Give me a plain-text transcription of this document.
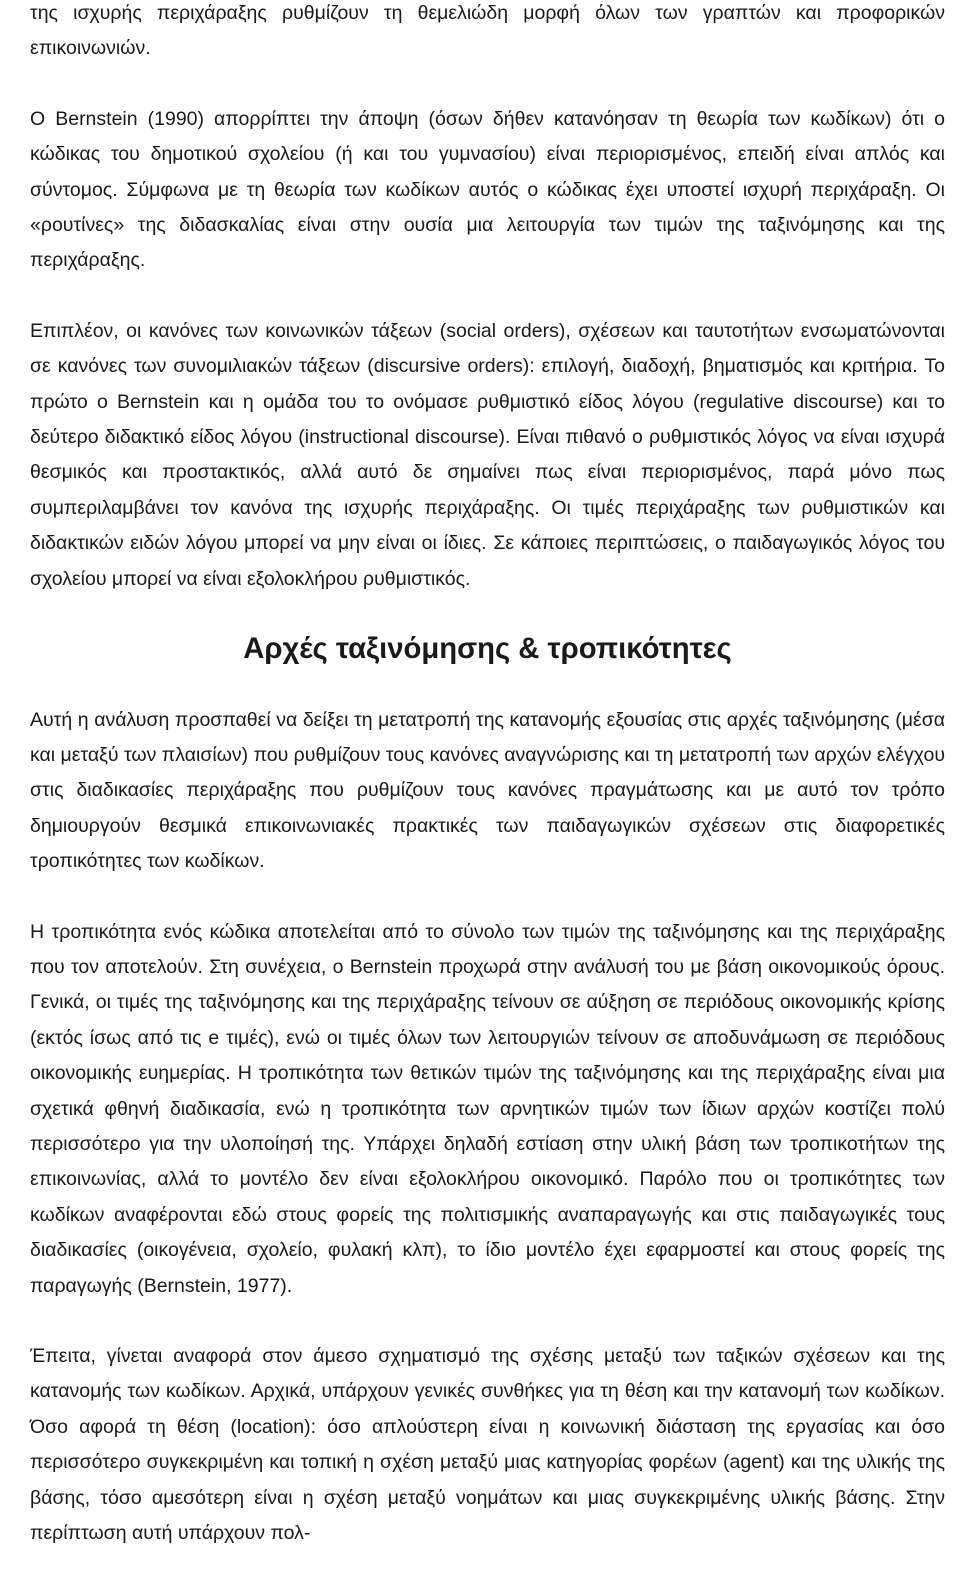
της ισχυρής περιχάραξης ρυθμίζουν τη θεμελιώδη μορφή όλων των γραπτών και προφορικών επικοινωνιών.

Ο Bernstein (1990) απορρίπτει την άποψη (όσων δήθεν κατανόησαν τη θεωρία των κωδίκων) ότι ο κώδικας του δημοτικού σχολείου (ή και του γυμνασίου) είναι περιορισμένος, επειδή είναι απλός και σύντομος. Σύμφωνα με τη θεωρία των κωδίκων αυτός ο κώδικας έχει υποστεί ισχυρή περιχάραξη. Οι «ρουτίνες» της διδασκαλίας είναι στην ουσία μια λειτουργία των τιμών της ταξινόμησης και της περιχάραξης.

Επιπλέον, οι κανόνες των κοινωνικών τάξεων (social orders), σχέσεων και ταυτοτήτων ενσωματώνονται σε κανόνες των συνομιλιακών τάξεων (discursive orders): επιλογή, διαδοχή, βηματισμός και κριτήρια. Το πρώτο ο Bernstein και η ομάδα του το ονόμασε ρυθμιστικό είδος λόγου (regulative discourse) και το δεύτερο διδακτικό είδος λόγου (instructional discourse). Είναι πιθανό ο ρυθμιστικός λόγος να είναι ισχυρά θεσμικός και προστακτικός, αλλά αυτό δε σημαίνει πως είναι περιορισμένος, παρά μόνο πως συμπεριλαμβάνει τον κανόνα της ισχυρής περιχάραξης. Οι τιμές περιχάραξης των ρυθμιστικών και διδακτικών ειδών λόγου μπορεί να μην είναι οι ίδιες. Σε κάποιες περιπτώσεις, ο παιδαγωγικός λόγος του σχολείου μπορεί να είναι εξολοκλήρου ρυθμιστικός.

Αρχές ταξινόμησης & τροπικότητες

Αυτή η ανάλυση προσπαθεί να δείξει τη μετατροπή της κατανομής εξουσίας στις αρχές ταξινόμησης (μέσα και μεταξύ των πλαισίων) που ρυθμίζουν τους κανόνες αναγνώρισης και τη μετατροπή των αρχών ελέγχου στις διαδικασίες περιχάραξης που ρυθμίζουν τους κανόνες πραγμάτωσης και με αυτό τον τρόπο δημιουργούν θεσμικά επικοινωνιακές πρακτικές των παιδαγωγικών σχέσεων στις διαφορετικές τροπικότητες των κωδίκων.

Η τροπικότητα ενός κώδικα αποτελείται από το σύνολο των τιμών της ταξινόμησης και της περιχάραξης που τον αποτελούν. Στη συνέχεια, ο Bernstein προχωρά στην ανάλυσή του με βάση οικονομικούς όρους. Γενικά, οι τιμές της ταξινόμησης και της περιχάραξης τείνουν σε αύξηση σε περιόδους οικονομικής κρίσης (εκτός ίσως από τις e τιμές), ενώ οι τιμές όλων των λειτουργιών τείνουν σε αποδυνάμωση σε περιόδους οικονομικής ευημερίας. Η τροπικότητα των θετικών τιμών της ταξινόμησης και της περιχάραξης είναι μια σχετικά φθηνή διαδικασία, ενώ η τροπικότητα των αρνητικών τιμών των ίδιων αρχών κοστίζει πολύ περισσότερο για την υλοποίησή της. Υπάρχει δηλαδή εστίαση στην υλική βάση των τροπικοτήτων της επικοινωνίας, αλλά το μοντέλο δεν είναι εξολοκλήρου οικονομικό. Παρόλο που οι τροπικότητες των κωδίκων αναφέρονται εδώ στους φορείς της πολιτισμικής αναπαραγωγής και στις παιδαγωγικές τους διαδικασίες (οικογένεια, σχολείο, φυλακή κλπ), το ίδιο μοντέλο έχει εφαρμοστεί και στους φορείς της παραγωγής (Bernstein, 1977).

Έπειτα, γίνεται αναφορά στον άμεσο σχηματισμό της σχέσης μεταξύ των ταξικών σχέσεων και της κατανομής των κωδίκων. Αρχικά, υπάρχουν γενικές συνθήκες για τη θέση και την κατανομή των κωδίκων. Όσο αφορά τη θέση (location): όσο απλούστερη είναι η κοινωνική διάσταση της εργασίας και όσο περισσότερο συγκεκριμένη και τοπική η σχέση μεταξύ μιας κατηγορίας φορέων (agent) και της υλικής της βάσης, τόσο αμεσότερη είναι η σχέση μεταξύ νοημάτων και μιας συγκεκριμένης υλικής βάσης. Στην περίπτωση αυτή υπάρχουν πολ-
